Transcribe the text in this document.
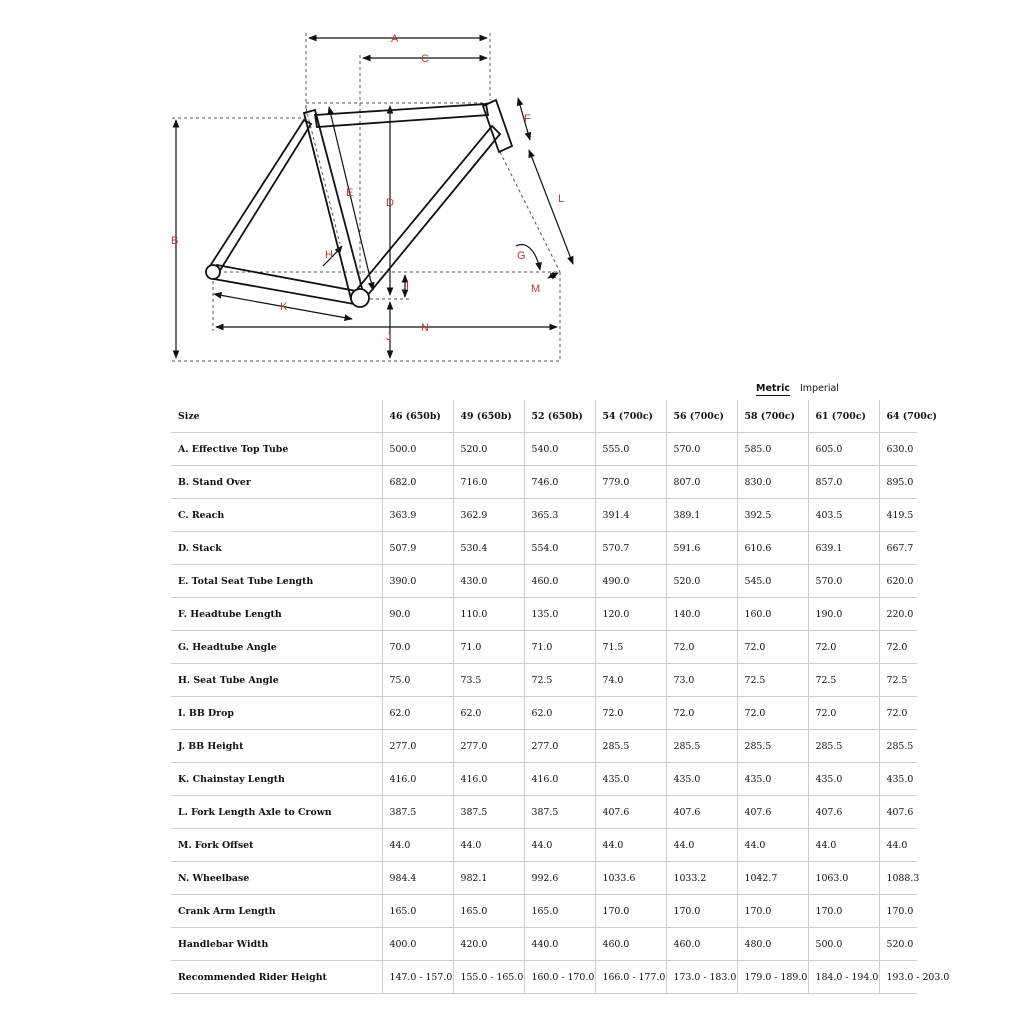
A
C
B
D
E
F
L
G
H
I	M
K
N
J
Metric Imperial
Size	46 (650b)	49 (650b)	52 (650b)	54 (700c)	56 (700c)	58 (700c)	61 (700c)	64 (700c)
A. Effective Top Tube	500.0	520.0	540.0	555.0	570.0	585.0	605.0	630.0
B. Stand Over	682.0	716.0	746.0	779.0	807.0	830.0	857.0	895.0
C. Reach	363.9	362.9	365.3	391.4	389.1	392.5	403.5	419.5
D. Stack	507.9	530.4	554.0	570.7	591.6	610.6	639.1	667.7
E. Total Seat Tube Length	390.0	430.0	460.0	490.0	520.0	545.0	570.0	620.0
F. Headtube Length	90.0	110.0	135.0	120.0	140.0	160.0	190.0	220.0
G. Headtube Angle	70.0	71.0	71.0	71.5	72.0	72.0	72.0	72.0
H. Seat Tube Angle	75.0	73.5	72.5	74.0	73.0	72.5	72.5	72.5
I. BB Drop	62.0	62.0	62.0	72.0	72.0	72.0	72.0	72.0
J. BB Height	277.0	277.0	277.0	285.5	285.5	285.5	285.5	285.5
K. Chainstay Length	416.0	416.0	416.0	435.0	435.0	435.0	435.0	435.0
L. Fork Length Axle to Crown	387.5	387.5	387.5	407.6	407.6	407.6	407.6	407.6
M. Fork Offset	44.0	44.0	44.0	44.0	44.0	44.0	44.0	44.0
N. Wheelbase	984.4	982.1	992.6	1033.6	1033.2	1042.7	1063.0	1088.3
Crank Arm Length	165.0	165.0	165.0	170.0	170.0	170.0	170.0	170.0
Handlebar Width	400.0	420.0	440.0	460.0	460.0	480.0	500.0	520.0
Recommended Rider Height	147.0 - 157.0	155.0 - 165.0	160.0 - 170.0	166.0 - 177.0	173.0 - 183.0	179.0 - 189.0	184.0 - 194.0	193.0 - 203.0
